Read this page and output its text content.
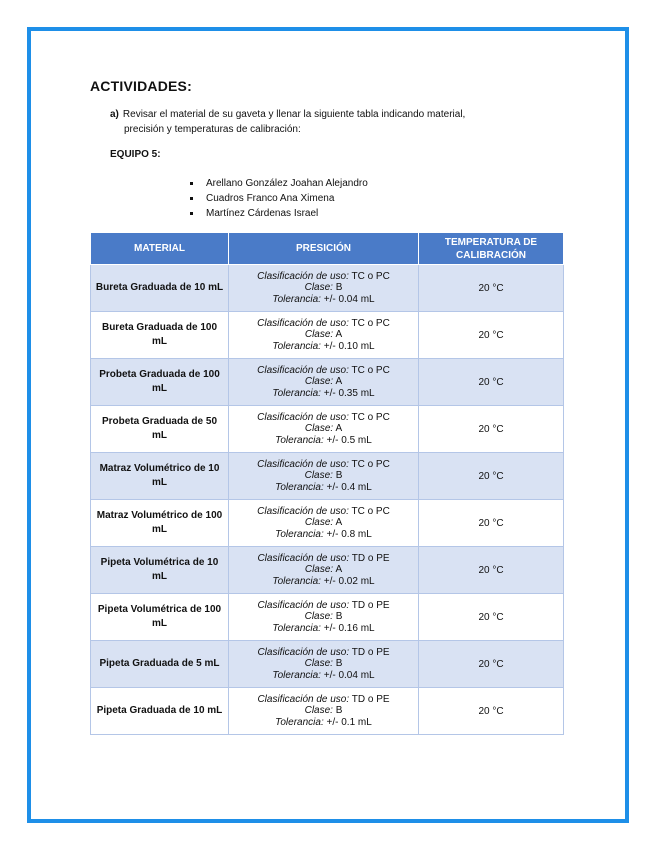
ACTIVIDADES:
a) Revisar el material de su gaveta y llenar la siguiente tabla indicando material,
precisión y temperaturas de calibración:
EQUIPO 5:
Arellano González Joahan Alejandro
Cuadros Franco Ana Ximena
Martínez Cárdenas Israel
MATERIAL	PRESICIÓN	TEMPERATURA DE CALIBRACIÓN
Bureta Graduada de 10 mL	Clasificación de uso: TC o PC
Clase: B
Tolerancia: +/- 0.04 mL	20 °C
Bureta Graduada de 100 mL	Clasificación de uso: TC o PC
Clase: A
Tolerancia: +/- 0.10 mL	20 °C
Probeta Graduada de 100 mL	Clasificación de uso: TC o PC
Clase: A
Tolerancia: +/- 0.35 mL	20 °C
Probeta Graduada de 50 mL	Clasificación de uso: TC o PC
Clase: A
Tolerancia: +/- 0.5 mL	20 °C
Matraz Volumétrico de 10 mL	Clasificación de uso: TC o PC
Clase: B
Tolerancia: +/- 0.4 mL	20 °C
Matraz Volumétrico de 100 mL	Clasificación de uso: TC o PC
Clase: A
Tolerancia: +/- 0.8 mL	20 °C
Pipeta Volumétrica de 10 mL	Clasificación de uso: TD o PE
Clase: A
Tolerancia: +/- 0.02 mL	20 °C
Pipeta Volumétrica de 100 mL	Clasificación de uso: TD o PE
Clase: B
Tolerancia: +/- 0.16 mL	20 °C
Pipeta Graduada de 5 mL	Clasificación de uso: TD o PE
Clase: B
Tolerancia: +/- 0.04 mL	20 °C
Pipeta Graduada de 10 mL	Clasificación de uso: TD o PE
Clase: B
Tolerancia: +/- 0.1 mL	20 °C
